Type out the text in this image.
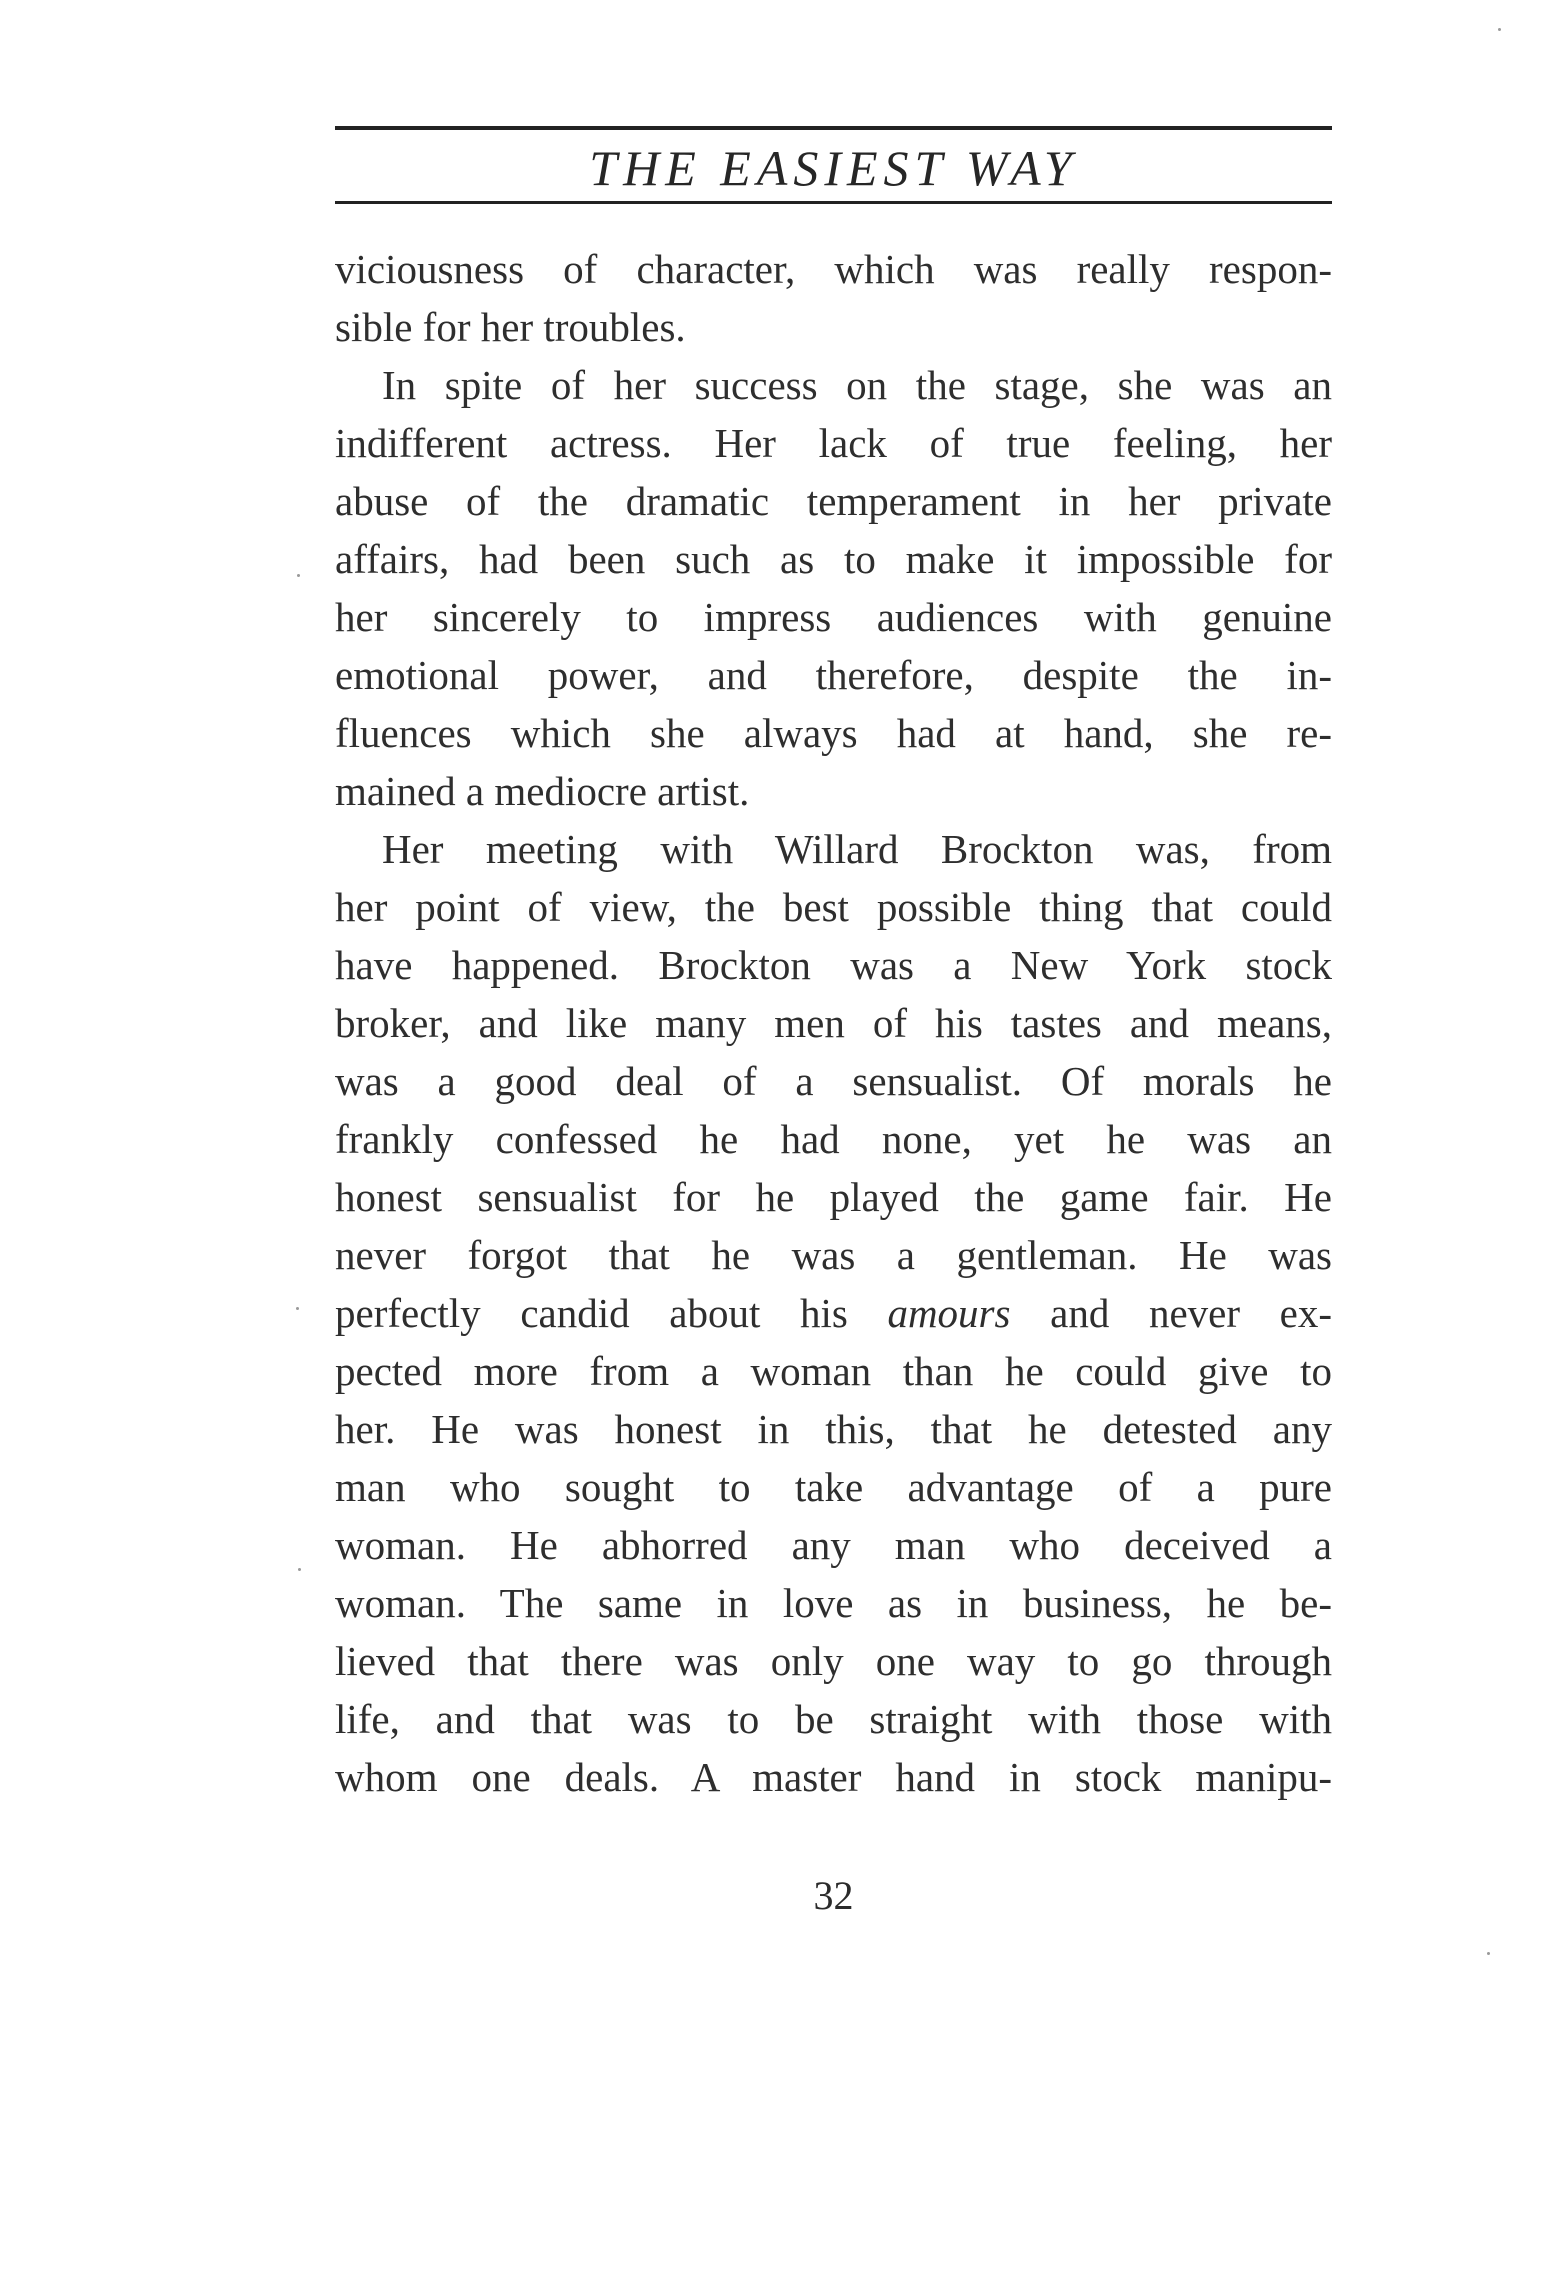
THE EASIEST WAY

viciousness of character, which was really respon-
sible for her troubles.

In spite of her success on the stage, she was an
indifferent actress. Her lack of true feeling, her
abuse of the dramatic temperament in her private
affairs, had been such as to make it impossible for
her sincerely to impress audiences with genuine
emotional power, and therefore, despite the in-
fluences which she always had at hand, she re-
mained a mediocre artist.

Her meeting with Willard Brockton was, from
her point of view, the best possible thing that could
have happened. Brockton was a New York stock
broker, and like many men of his tastes and means,
was a good deal of a sensualist. Of morals he
frankly confessed he had none, yet he was an
honest sensualist for he played the game fair. He
never forgot that he was a gentleman. He was
perfectly candid about his amours and never ex-
pected more from a woman than he could give to
her. He was honest in this, that he detested any
man who sought to take advantage of a pure
woman. He abhorred any man who deceived a
woman. The same in love as in business, he be-
lieved that there was only one way to go through
life, and that was to be straight with those with
whom one deals. A master hand in stock manipu-

32
